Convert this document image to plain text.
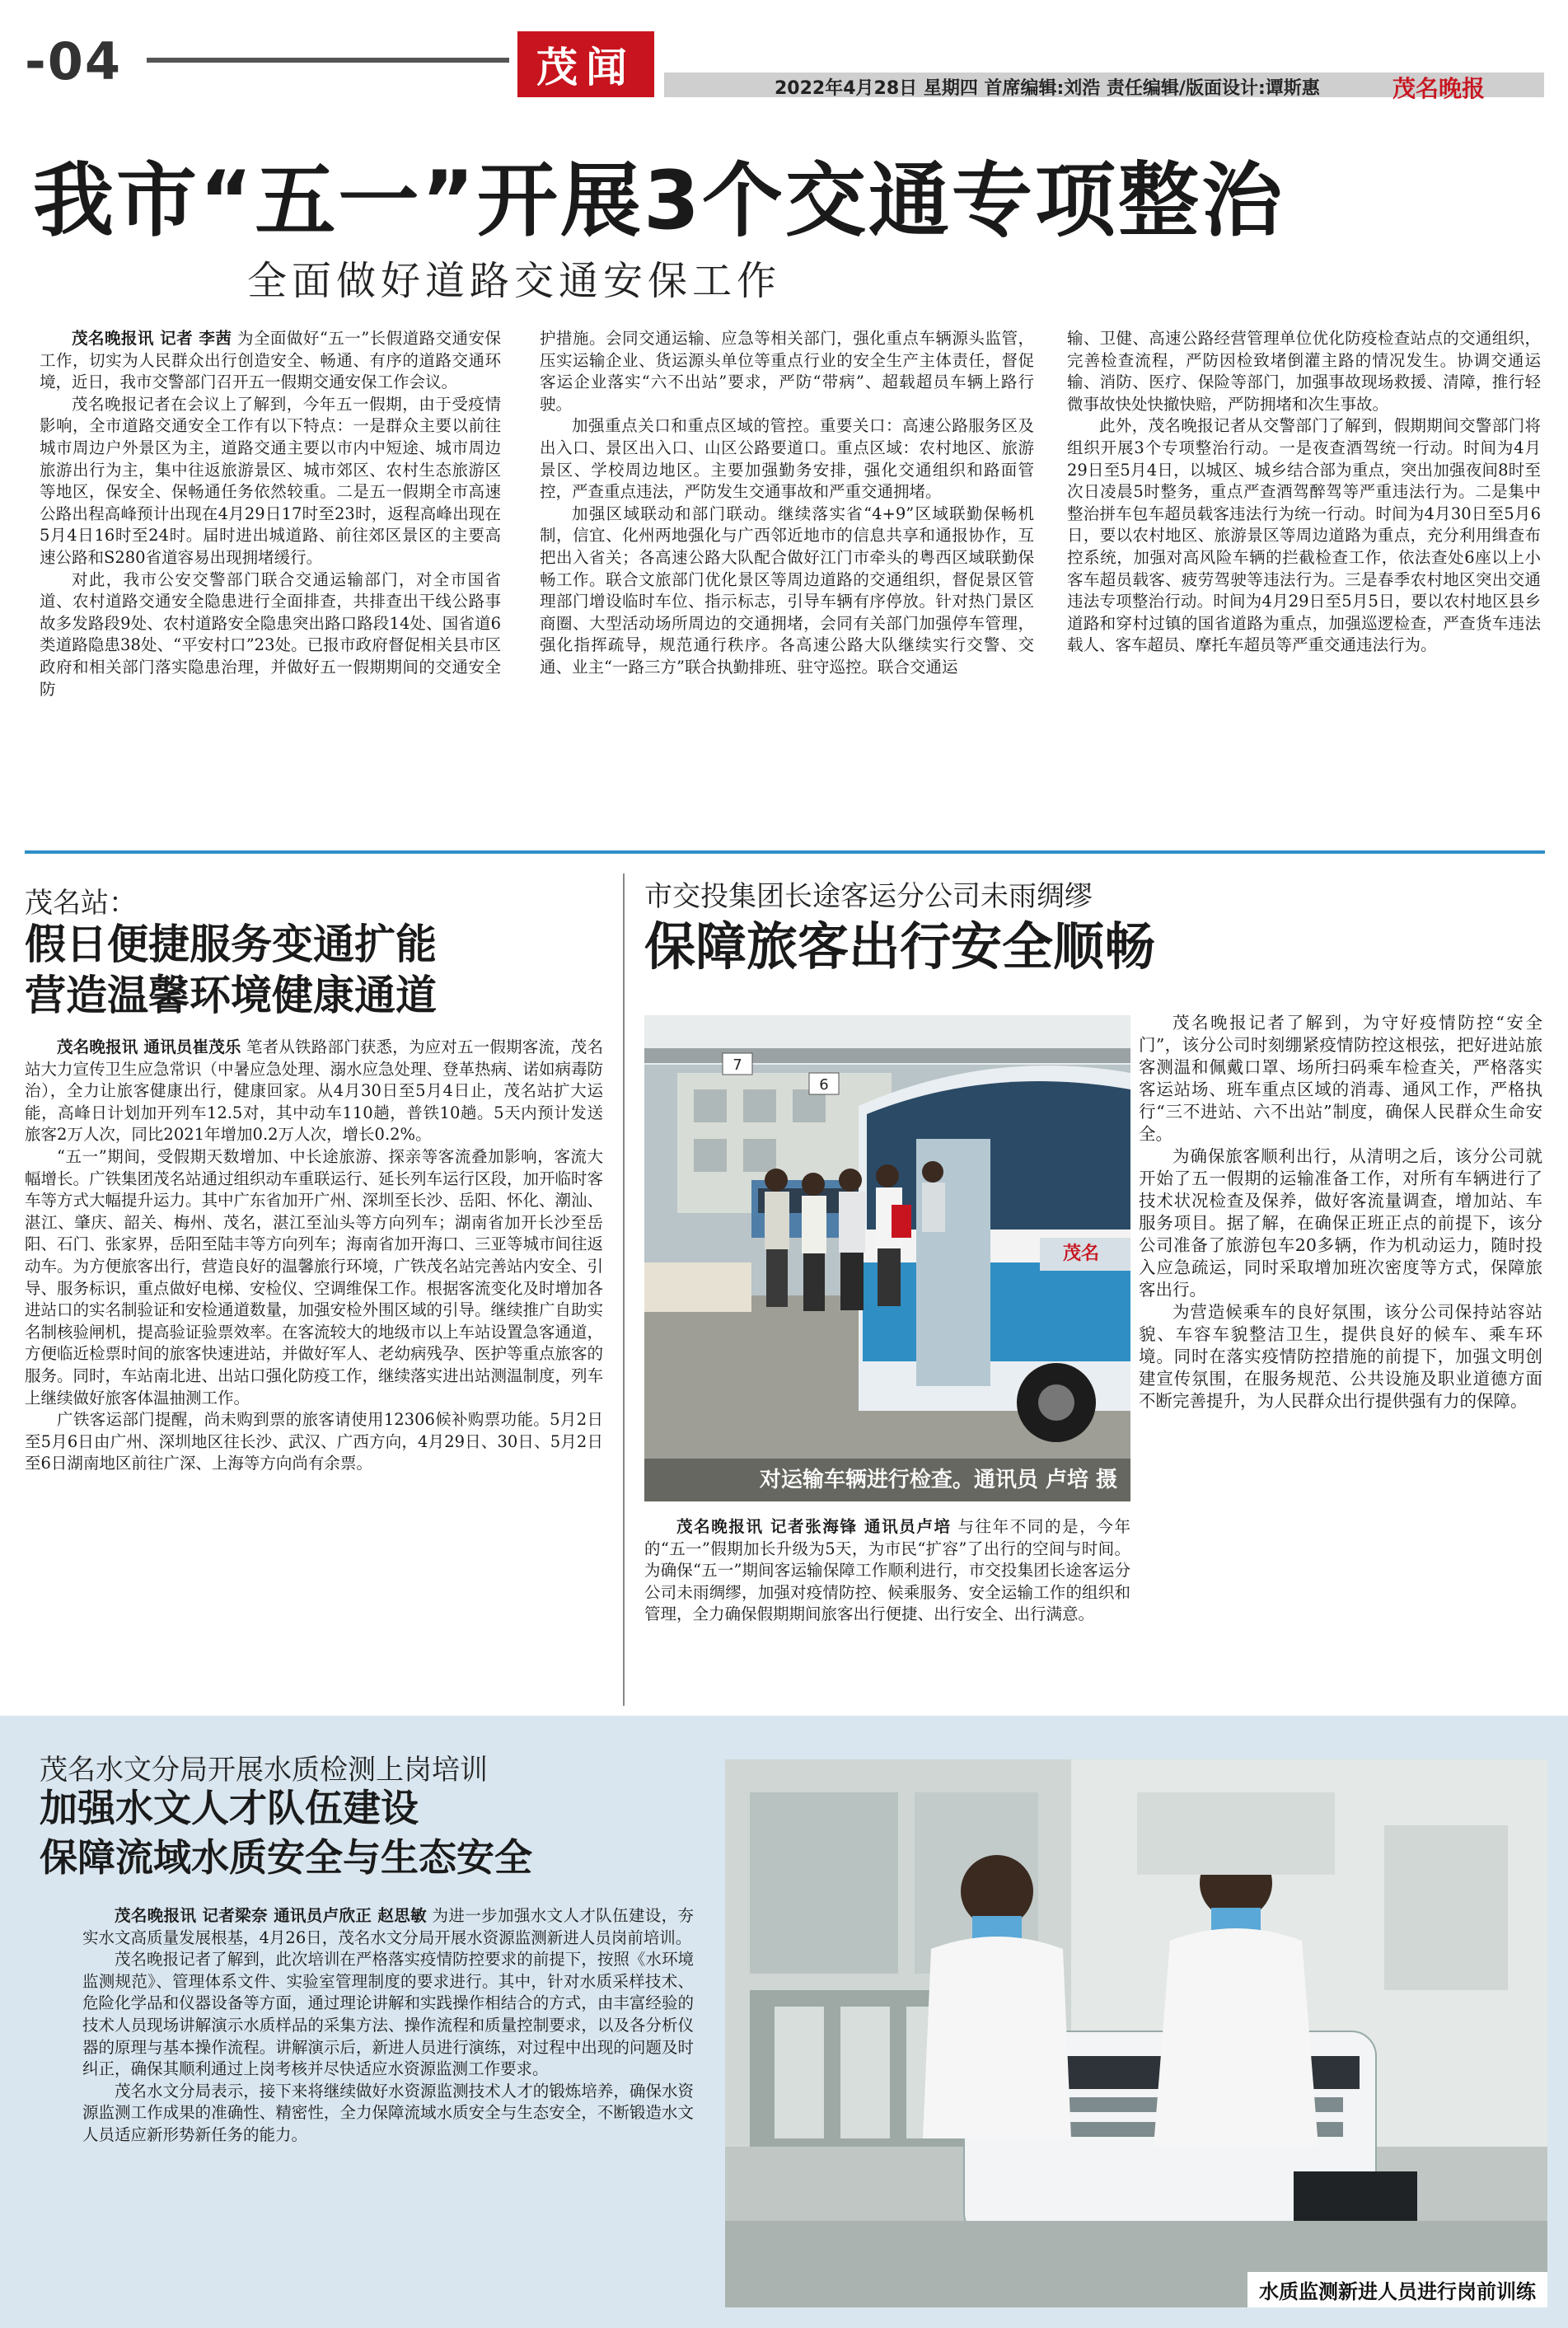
-04	茂闻	2022年4月28日 星期四 首席编辑:刘浩 责任编辑/版面设计:谭斯惠	茂名晚报
我市“五一”开展3个交通专项整治
全面做好道路交通安保工作

茂名晚报讯 记者 李茜 为全面做好“五一”长假道路交通安保工作，切实为人民群众出行创造安全、畅通、有序的道路交通环境，近日，我市交警部门召开五一假期交通安保工作会议。

茂名晚报记者在会议上了解到，今年五一假期，由于受疫情影响，全市道路交通安全工作有以下特点：一是群众主要以前往城市周边户外景区为主，道路交通主要以市内中短途、城市周边旅游出行为主，集中往返旅游景区、城市郊区、农村生态旅游区等地区，保安全、保畅通任务依然较重。二是五一假期全市高速公路出程高峰预计出现在4月29日17时至23时，返程高峰出现在5月4日16时至24时。届时进出城道路、前往郊区景区的主要高速公路和S280省道容易出现拥堵缓行。

对此，我市公安交警部门联合交通运输部门，对全市国省道、农村道路交通安全隐患进行全面排查，共排查出干线公路事故多发路段9处、农村道路安全隐患突出路口路段14处、国省道6类道路隐患38处、“平安村口”23处。已报市政府督促相关县市区政府和相关部门落实隐患治理，并做好五一假期期间的交通安全防

护措施。会同交通运输、应急等相关部门，强化重点车辆源头监管，压实运输企业、货运源头单位等重点行业的安全生产主体责任，督促客运企业落实“六不出站”要求，严防“带病”、超载超员车辆上路行驶。

加强重点关口和重点区域的管控。重要关口：高速公路服务区及出入口、景区出入口、山区公路要道口。重点区域：农村地区、旅游景区、学校周边地区。主要加强勤务安排，强化交通组织和路面管控，严查重点违法，严防发生交通事故和严重交通拥堵。

加强区域联动和部门联动。继续落实省“4+9”区域联勤保畅机制，信宜、化州两地强化与广西邻近地市的信息共享和通报协作，互把出入省关；各高速公路大队配合做好江门市牵头的粤西区域联勤保畅工作。联合文旅部门优化景区等周边道路的交通组织，督促景区管理部门增设临时车位、指示标志，引导车辆有序停放。针对热门景区商圈、大型活动场所周边的交通拥堵，会同有关部门加强停车管理，强化指挥疏导，规范通行秩序。各高速公路大队继续实行交警、交通、业主“一路三方”联合执勤排班、驻守巡控。联合交通运

输、卫健、高速公路经营管理单位优化防疫检查站点的交通组织，完善检查流程，严防因检致堵倒灌主路的情况发生。协调交通运输、消防、医疗、保险等部门，加强事故现场救援、清障，推行轻微事故快处快撤快赔，严防拥堵和次生事故。

此外，茂名晚报记者从交警部门了解到，假期期间交警部门将组织开展3个专项整治行动。一是夜查酒驾统一行动。时间为4月29日至5月4日，以城区、城乡结合部为重点，突出加强夜间8时至次日凌晨5时整务，重点严查酒驾醉驾等严重违法行为。二是集中整治拼车包车超员载客违法行为统一行动。时间为4月30日至5月6日，要以农村地区、旅游景区等周边道路为重点，充分利用缉查布控系统，加强对高风险车辆的拦截检查工作，依法查处6座以上小客车超员载客、疲劳驾驶等违法行为。三是春季农村地区突出交通违法专项整治行动。时间为4月29日至5月5日，要以农村地区县乡道路和穿村过镇的国省道路为重点，加强巡逻检查，严查货车违法载人、客车超员、摩托车超员等严重交通违法行为。

茂名站：
假日便捷服务变通扩能
营造温馨环境健康通道

茂名晚报讯 通讯员崔茂乐 笔者从铁路部门获悉，为应对五一假期客流，茂名站大力宣传卫生应急常识（中暑应急处理、溺水应急处理、登革热病、诺如病毒防治），全力让旅客健康出行，健康回家。从4月30日至5月4日止，茂名站扩大运能，高峰日计划加开列车12.5对，其中动车110趟，普铁10趟。5天内预计发送旅客2万人次，同比2021年增加0.2万人次，增长0.2%。

“五一”期间，受假期天数增加、中长途旅游、探亲等客流叠加影响，客流大幅增长。广铁集团茂名站通过组织动车重联运行、延长列车运行区段，加开临时客车等方式大幅提升运力。其中广东省加开广州、深圳至长沙、岳阳、怀化、潮汕、湛江、肇庆、韶关、梅州、茂名，湛江至汕头等方向列车；湖南省加开长沙至岳阳、石门、张家界，岳阳至陆丰等方向列车；海南省加开海口、三亚等城市间往返动车。为方便旅客出行，营造良好的温馨旅行环境，广铁茂名站完善站内安全、引导、服务标识，重点做好电梯、安检仪、空调维保工作。根据客流变化及时增加各进站口的实名制验证和安检通道数量，加强安检外围区域的引导。继续推广自助实名制核验闸机，提高验证验票效率。在客流较大的地级市以上车站设置急客通道，方便临近检票时间的旅客快速进站，并做好军人、老幼病残孕、医护等重点旅客的服务。同时，车站南北进、出站口强化防疫工作，继续落实进出站测温制度，列车上继续做好旅客体温抽测工作。

广铁客运部门提醒，尚未购到票的旅客请使用12306候补购票功能。5月2日至5月6日由广州、深圳地区往长沙、武汉、广西方向，4月29日、30日、5月2日至6日湖南地区前往广深、上海等方向尚有余票。

市交投集团长途客运分公司未雨绸缪
保障旅客出行安全顺畅
7
6
茂名
对运输车辆进行检查。通讯员 卢培 摄

茂名晚报记者了解到，为守好疫情防控“安全门”，该分公司时刻绷紧疫情防控这根弦，把好进站旅客测温和佩戴口罩、场所扫码乘车检查关，严格落实客运站场、班车重点区域的消毒、通风工作，严格执行“三不进站、六不出站”制度，确保人民群众生命安全。

为确保旅客顺利出行，从清明之后，该分公司就开始了五一假期的运输准备工作，对所有车辆进行了技术状况检查及保养，做好客流量调查，增加站、车服务项目。据了解，在确保正班正点的前提下，该分公司准备了旅游包车20多辆，作为机动运力，随时投入应急疏运，同时采取增加班次密度等方式，保障旅客出行。

为营造候乘车的良好氛围，该分公司保持站容站貌、车容车貌整洁卫生，提供良好的候车、乘车环境。同时在落实疫情防控措施的前提下，加强文明创建宣传氛围，在服务规范、公共设施及职业道德方面不断完善提升，为人民群众出行提供强有力的保障。

茂名晚报讯 记者张海锋 通讯员卢培 与往年不同的是，今年的“五一”假期加长升级为5天，为市民“扩容”了出行的空间与时间。为确保“五一”期间客运输保障工作顺利进行，市交投集团长途客运分公司未雨绸缪，加强对疫情防控、候乘服务、安全运输工作的组织和管理，全力确保假期期间旅客出行便捷、出行安全、出行满意。

茂名水文分局开展水质检测上岗培训
加强水文人才队伍建设
保障流域水质安全与生态安全

茂名晚报讯 记者梁奈 通讯员卢欣正 赵思敏 为进一步加强水文人才队伍建设，夯实水文高质量发展根基，4月26日，茂名水文分局开展水资源监测新进人员岗前培训。

茂名晚报记者了解到，此次培训在严格落实疫情防控要求的前提下，按照《水环境监测规范》、管理体系文件、实验室管理制度的要求进行。其中，针对水质采样技术、危险化学品和仪器设备等方面，通过理论讲解和实践操作相结合的方式，由丰富经验的技术人员现场讲解演示水质样品的采集方法、操作流程和质量控制要求，以及各分析仪器的原理与基本操作流程。讲解演示后，新进人员进行演练，对过程中出现的问题及时纠正，确保其顺利通过上岗考核并尽快适应水资源监测工作要求。

茂名水文分局表示，接下来将继续做好水资源监测技术人才的锻炼培养，确保水资源监测工作成果的准确性、精密性，全力保障流域水质安全与生态安全，不断锻造水文人员适应新形势新任务的能力。

水质监测新进人员进行岗前训练
